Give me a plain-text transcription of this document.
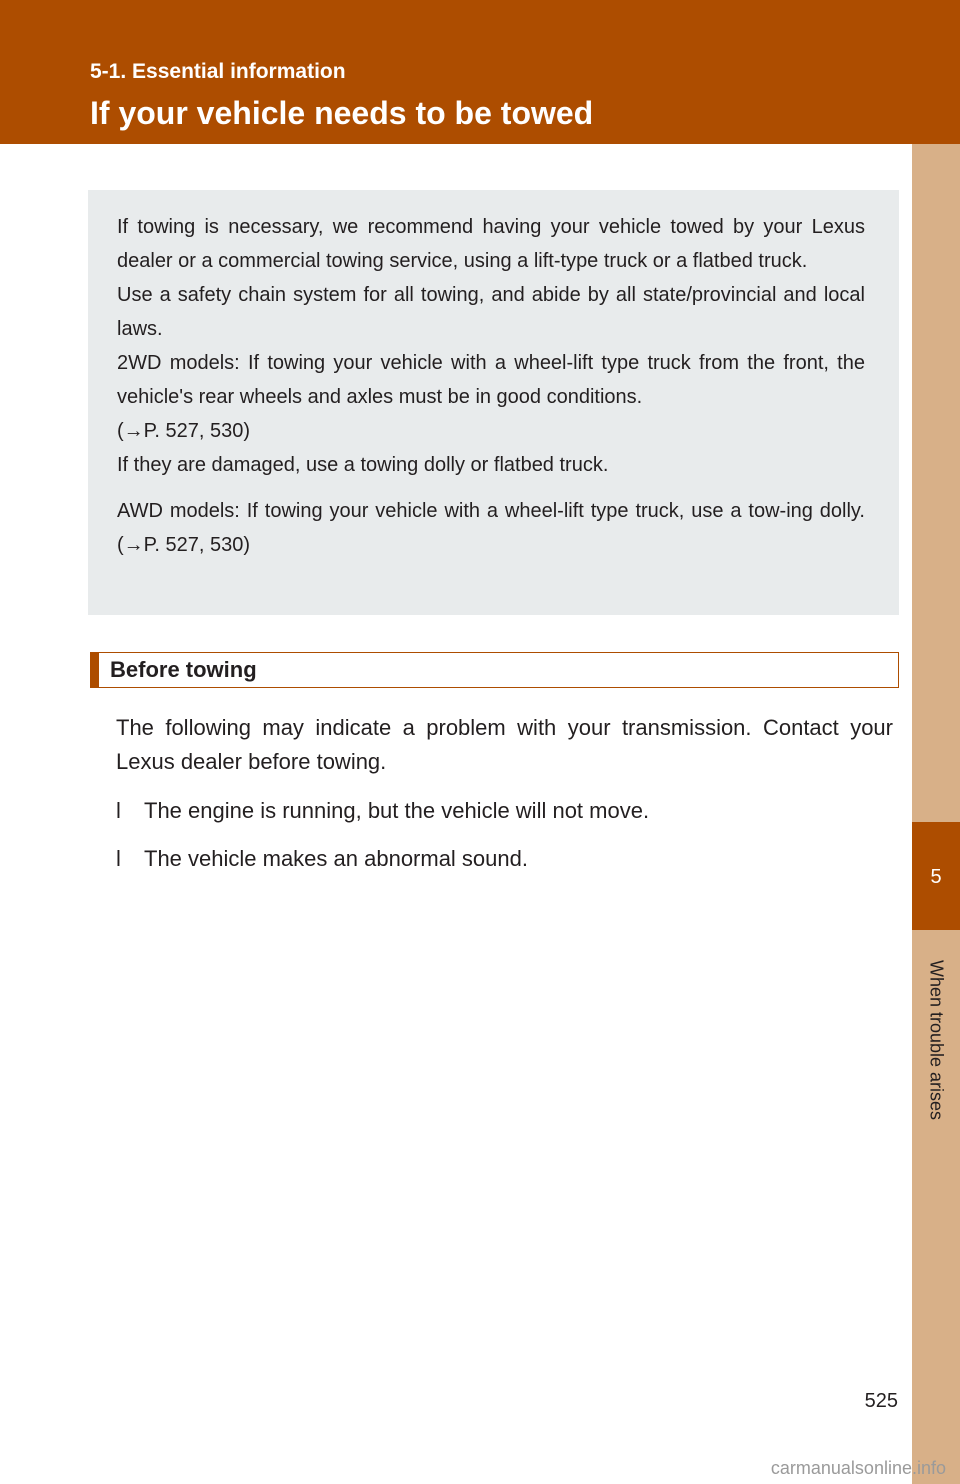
5-1. Essential information
If your vehicle needs to be towed
5
When trouble arises

If towing is necessary, we recommend having your vehicle towed by your Lexus dealer or a commercial towing service, using a lift-type truck or a flatbed truck.

Use a safety chain system for all towing, and abide by all state/provincial and local laws.

2WD models: If towing your vehicle with a wheel-lift type truck from the front, the vehicle's rear wheels and axles must be in good conditions.

(→P. 527, 530)

If they are damaged, use a towing dolly or flatbed truck.

AWD models: If towing your vehicle with a wheel-lift type truck, use a tow-ing dolly. (→P. 527, 530)

Before towing

The following may indicate a problem with your transmission. Contact your Lexus dealer before towing.

l The engine is running, but the vehicle will not move.
l The vehicle makes an abnormal sound.
525
carmanualsonline.info
